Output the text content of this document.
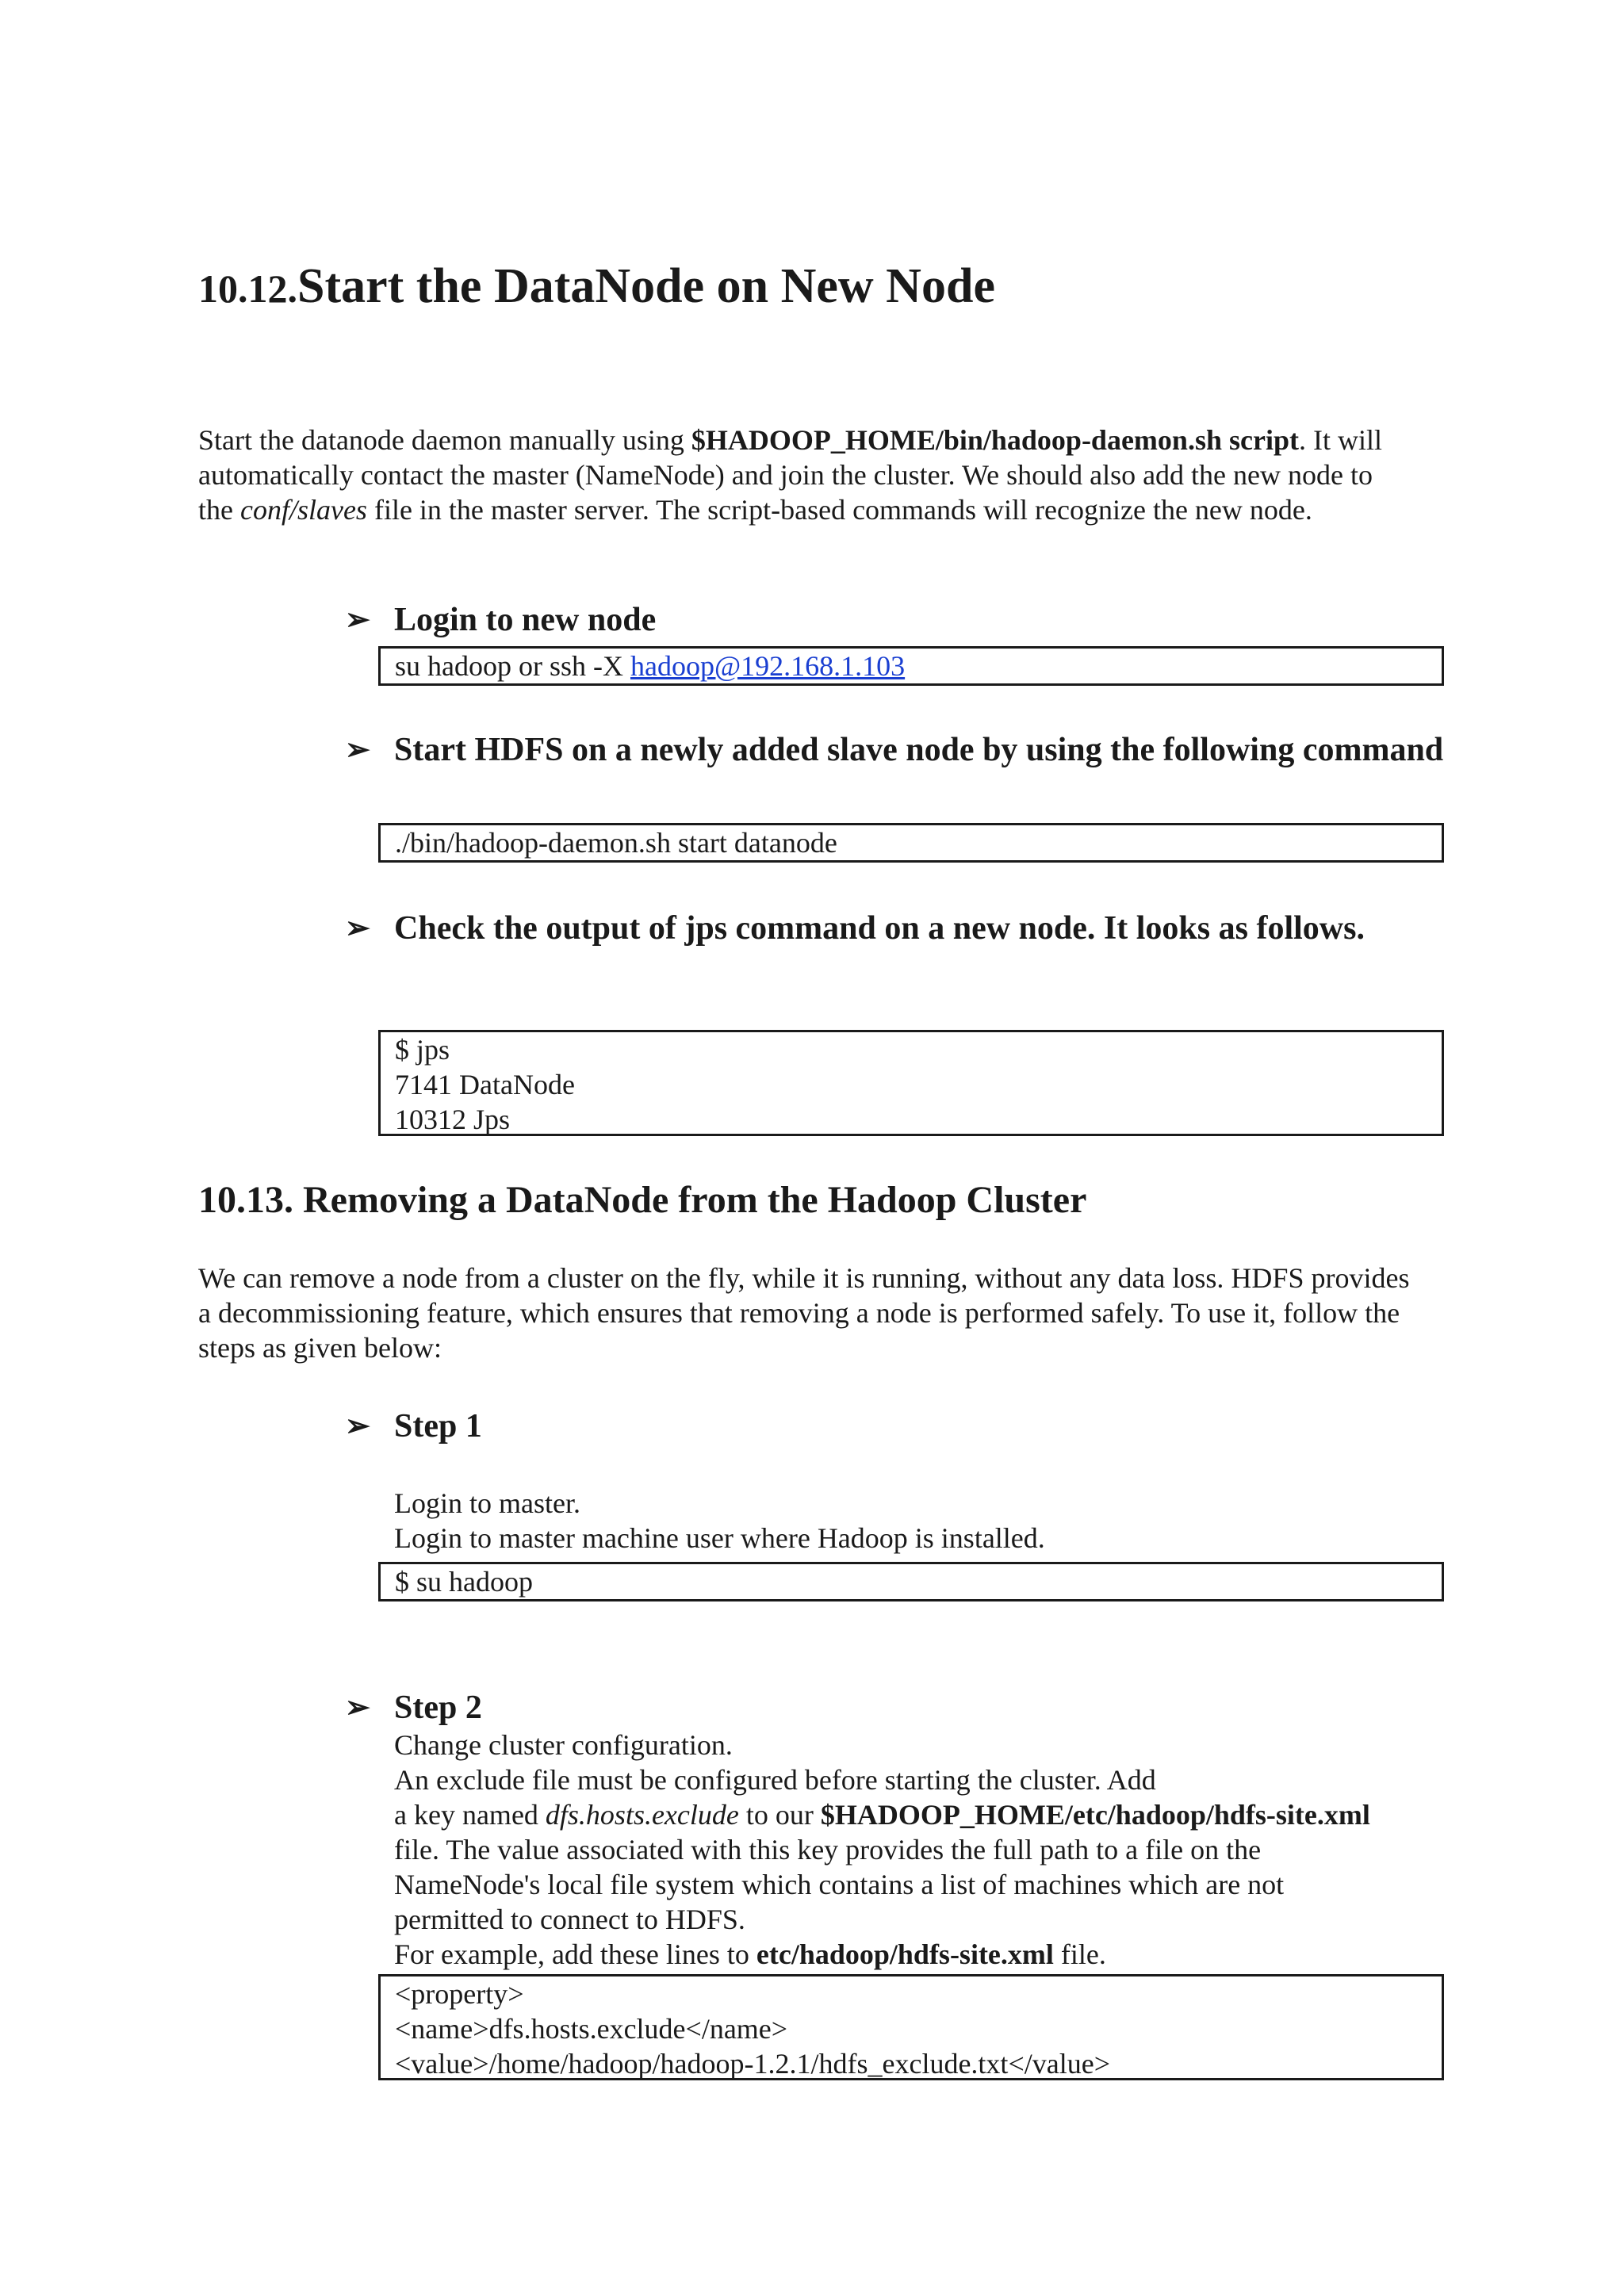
10.12.Start the DataNode on New Node

Start the datanode daemon manually using $HADOOP_HOME/bin/hadoop-daemon.sh script. It will automatically contact the master (NameNode) and join the cluster. We should also add the new node to the conf/slaves file in the master server. The script-based commands will recognize the new node.

➢ Login to new node
su hadoop or ssh -X hadoop@192.168.1.103
➢ Start HDFS on a newly added slave node by using the following command
./bin/hadoop-daemon.sh start datanode
➢ Check the output of jps command on a new node. It looks as follows.
$ jps
7141 DataNode
10312 Jps
10.13. Removing a DataNode from the Hadoop Cluster

We can remove a node from a cluster on the fly, while it is running, without any data loss. HDFS provides a decommissioning feature, which ensures that removing a node is performed safely. To use it, follow the steps as given below:

➢ Step 1
Login to master.
Login to master machine user where Hadoop is installed.
$ su hadoop
➢ Step 2
Change cluster configuration.
An exclude file must be configured before starting the cluster. Add
a key named dfs.hosts.exclude to our $HADOOP_HOME/etc/hadoop/hdfs-site.xml
file. The value associated with this key provides the full path to a file on the
NameNode's local file system which contains a list of machines which are not
permitted to connect to HDFS.
For example, add these lines to etc/hadoop/hdfs-site.xml file.
<property>
<name>dfs.hosts.exclude</name>
<value>/home/hadoop/hadoop-1.2.1/hdfs_exclude.txt</value>
